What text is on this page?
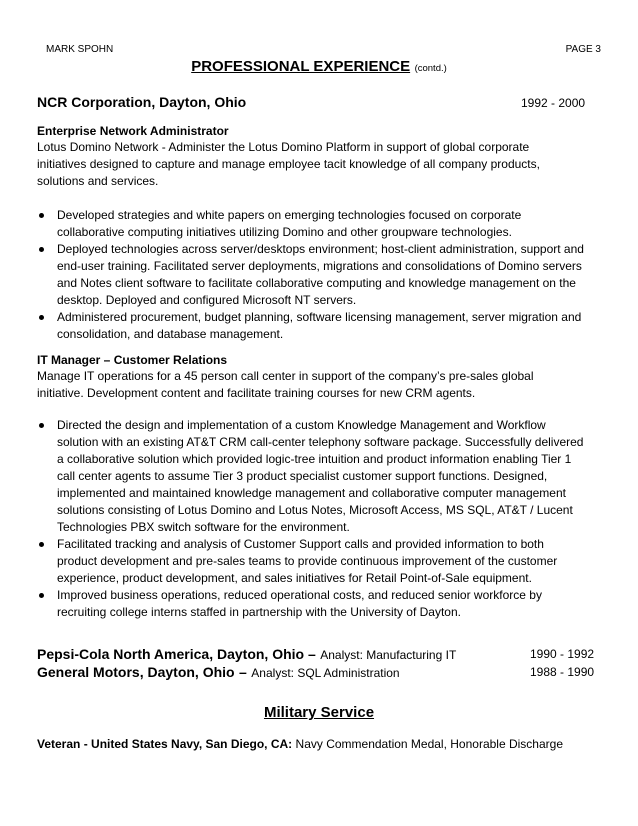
MARK SPOHN	PAGE 3
PROFESSIONAL EXPERIENCE (contd.)
NCR Corporation, Dayton, Ohio	1992 - 2000
Enterprise Network Administrator
Lotus Domino Network - Administer the Lotus Domino Platform in support of global corporate initiatives designed to capture and manage employee tacit knowledge of all company products, solutions and services.
Developed strategies and white papers on emerging technologies focused on corporate collaborative computing initiatives utilizing Domino and other groupware technologies.
Deployed technologies across server/desktops environment; host-client administration, support and end-user training. Facilitated server deployments, migrations and consolidations of Domino servers and Notes client software to facilitate collaborative computing and knowledge management on the desktop. Deployed and configured Microsoft NT servers.
Administered procurement, budget planning, software licensing management, server migration and consolidation, and database management.
IT Manager – Customer Relations
Manage IT operations for a 45 person call center in support of the company’s pre-sales global initiative. Development content and facilitate training courses for new CRM agents.
Directed the design and implementation of a custom Knowledge Management and Workflow solution with an existing AT&T CRM call-center telephony software package. Successfully delivered a collaborative solution which provided logic-tree intuition and product information enabling Tier 1 call center agents to assume Tier 3 product specialist customer support functions. Designed, implemented and maintained knowledge management and collaborative computer management solutions consisting of Lotus Domino and Lotus Notes, Microsoft Access, MS SQL, AT&T / Lucent Technologies PBX switch software for the environment.
Facilitated tracking and analysis of Customer Support calls and provided information to both product development and pre-sales teams to provide continuous improvement of the customer experience, product development, and sales initiatives for Retail Point-of-Sale equipment.
Improved business operations, reduced operational costs, and reduced senior workforce by recruiting college interns staffed in partnership with the University of Dayton.
Pepsi-Cola North America, Dayton, Ohio – Analyst: Manufacturing IT	1990 - 1992
General Motors, Dayton, Ohio – Analyst: SQL Administration	1988 - 1990
Military Service
Veteran - United States Navy, San Diego, CA: Navy Commendation Medal, Honorable Discharge
